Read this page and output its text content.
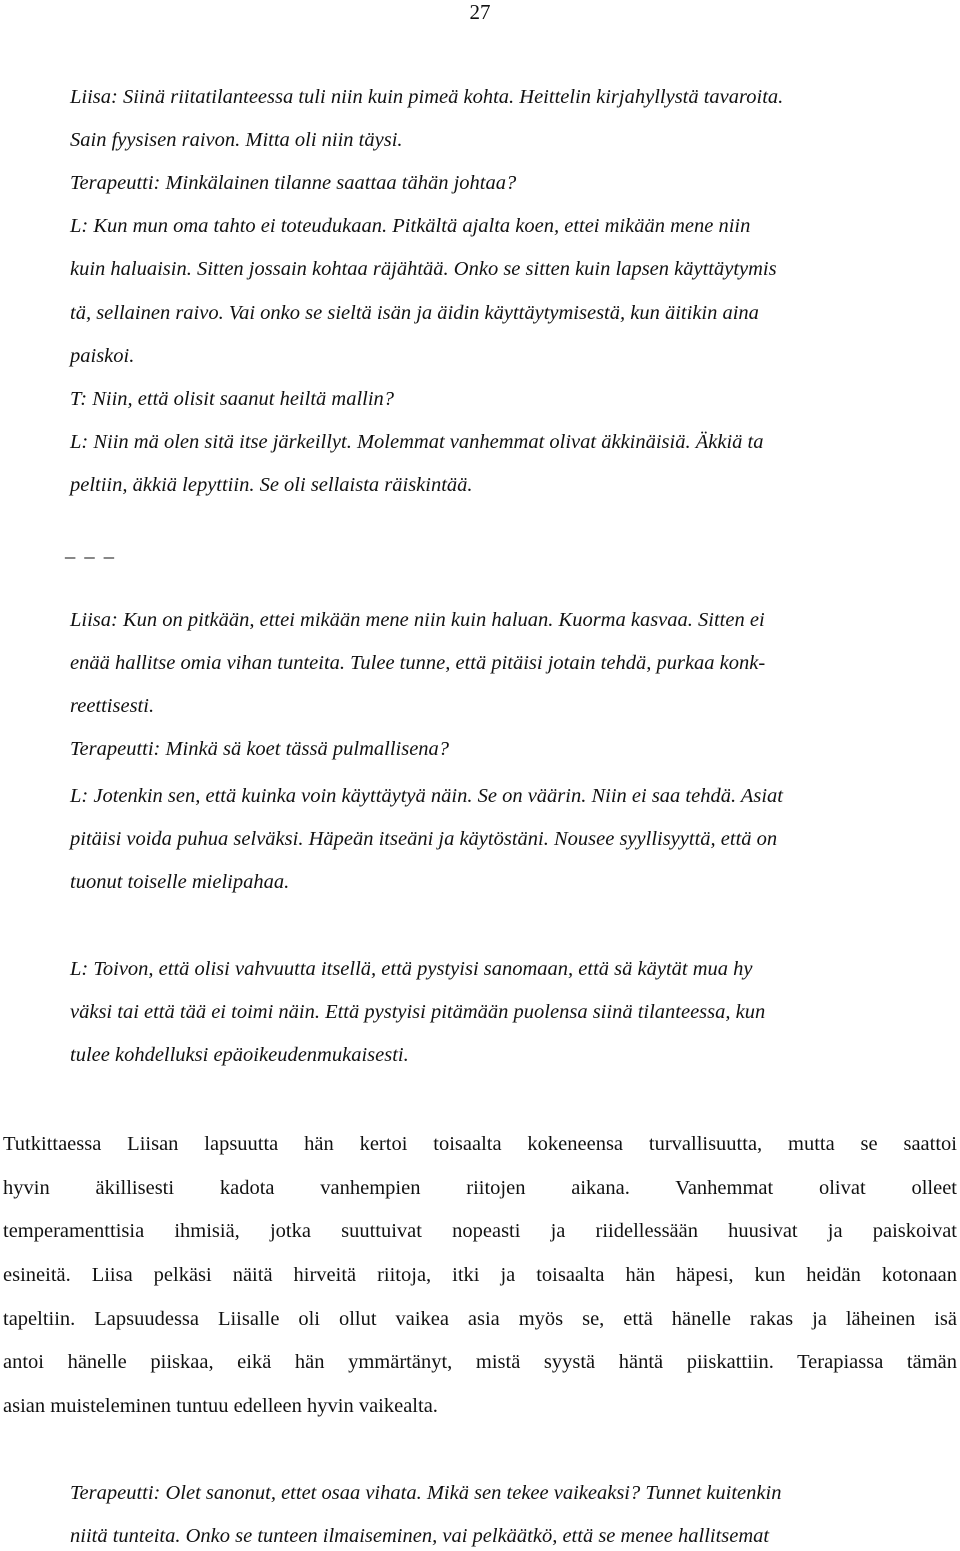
27
Liisa: Siinä riitatilanteessa tuli niin kuin pimeä kohta. Heittelin kirjahyllystä tavaroita.
Sain fyysisen raivon. Mitta oli niin täysi.
Terapeutti: Minkälainen tilanne saattaa tähän johtaa?
L: Kun mun oma tahto ei toteudukaan. Pitkältä ajalta koen, ettei mikään mene niin
kuin haluaisin. Sitten jossain kohtaa räjähtää. Onko se sitten kuin lapsen käyttäytymis
tä, sellainen raivo. Vai onko se sieltä isän ja äidin käyttäytymisestä, kun äitikin aina
paiskoi.
T: Niin, että olisit saanut heiltä mallin?
L: Niin mä olen sitä itse järkeillyt. Molemmat vanhemmat olivat äkkinäisiä. Äkkiä ta
peltiin, äkkiä lepyttiin. Se oli sellaista räiskintää.
_ _ _
Liisa: Kun on pitkään, ettei mikään mene niin kuin haluan. Kuorma kasvaa. Sitten ei
enää hallitse omia vihan tunteita. Tulee tunne, että pitäisi jotain tehdä, purkaa konk-
reettisesti.
Terapeutti: Minkä sä koet tässä pulmallisena?
L: Jotenkin sen, että kuinka voin käyttäytyä näin. Se on väärin. Niin ei saa tehdä. Asiat
pitäisi voida puhua selväksi. Häpeän itseäni ja käytöstäni. Nousee syyllisyyttä, että on
tuonut toiselle mielipahaa.
L: Toivon, että olisi vahvuutta itsellä, että pystyisi sanomaan, että sä käytät mua hy
väksi tai että tää ei toimi näin. Että pystyisi pitämään puolensa siinä tilanteessa, kun
tulee kohdelluksi epäoikeudenmukaisesti.
Tutkittaessa Liisan lapsuutta hän kertoi toisaalta kokeneensa turvallisuutta, mutta se saattoi
hyvin äkillisesti kadota vanhempien riitojen aikana. Vanhemmat olivat olleet
temperamenttisia ihmisiä, jotka suuttuivat nopeasti ja riidellessään huusivat ja paiskoivat
esineitä. Liisa pelkäsi näitä hirveitä riitoja, itki ja toisaalta hän häpesi, kun heidän kotonaan
tapeltiin. Lapsuudessa Liisalle oli ollut vaikea asia myös se, että hänelle rakas ja läheinen isä
antoi hänelle piiskaa, eikä hän ymmärtänyt, mistä syystä häntä piiskattiin. Terapiassa tämän
asian muisteleminen tuntuu edelleen hyvin vaikealta.
Terapeutti: Olet sanonut, ettet osaa vihata. Mikä sen tekee vaikeaksi? Tunnet kuitenkin
niitä tunteita. Onko se tunteen ilmaiseminen, vai pelkäätkö, että se menee hallitsemat
